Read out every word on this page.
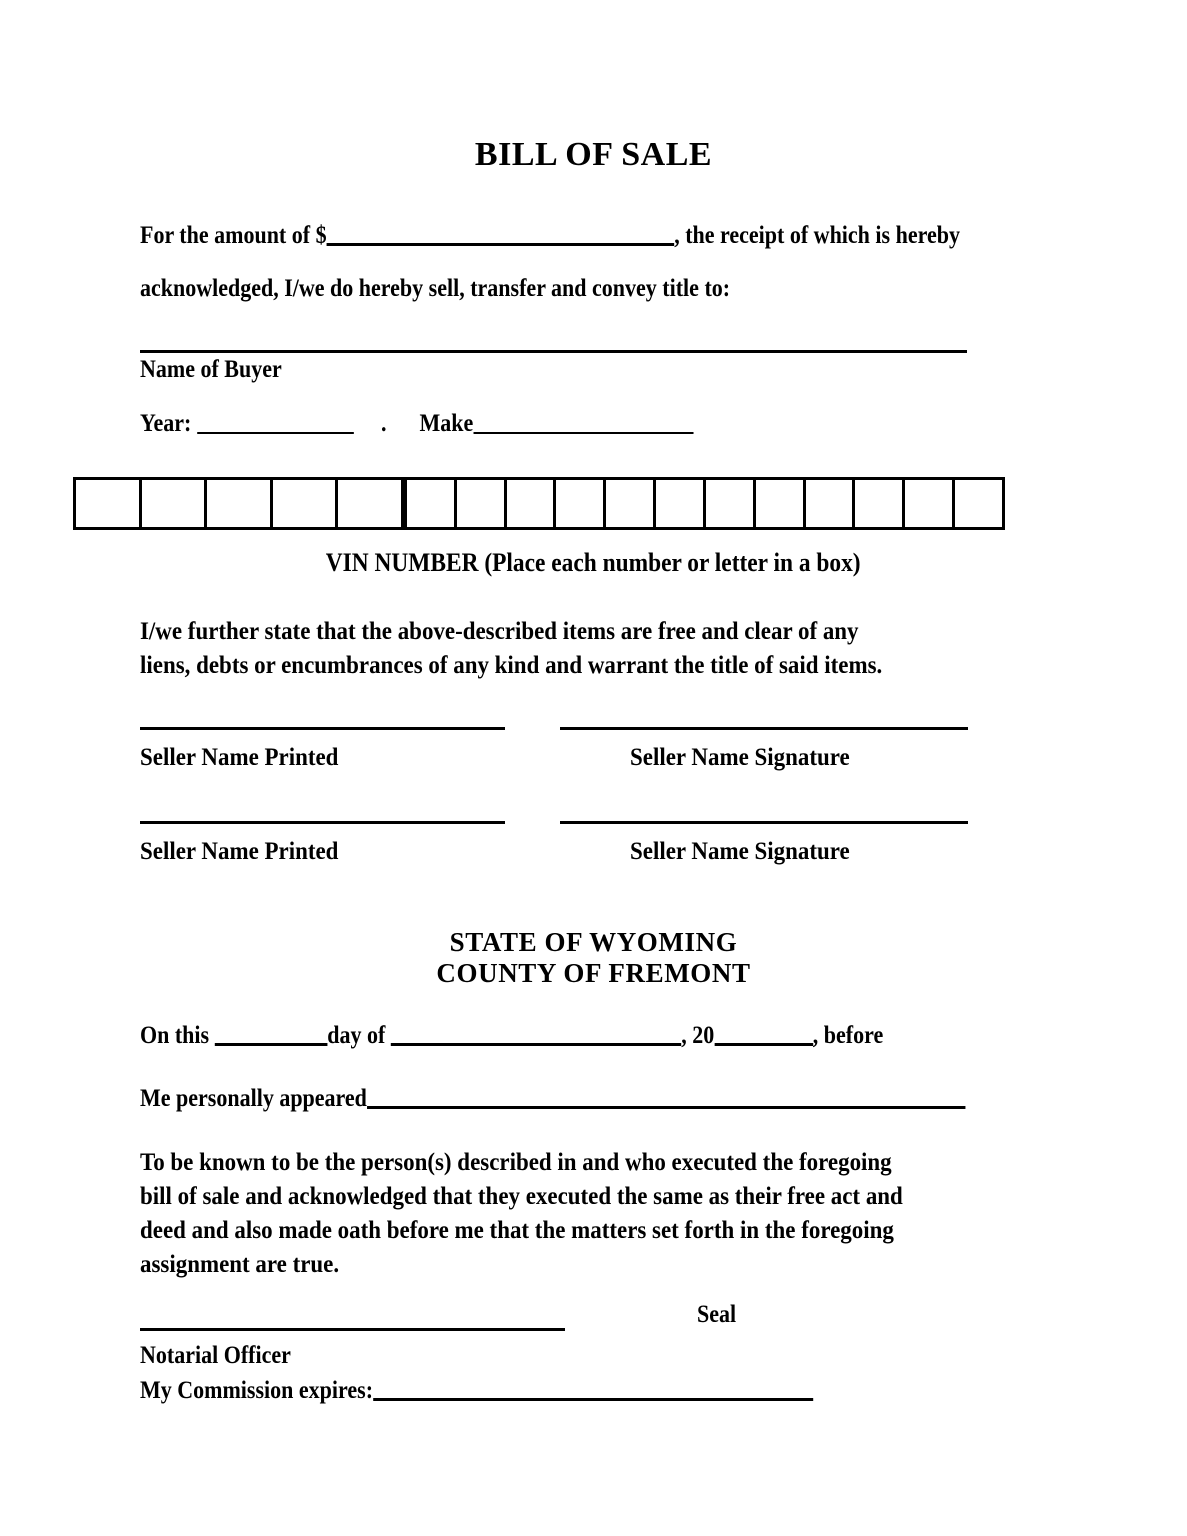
BILL OF SALE
For the amount of $	, the receipt of which is hereby
acknowledged, I/we do hereby sell, transfer and convey title to:
Name of Buyer
Year:	. Make
VIN NUMBER (Place each number or letter in a box)
I/we further state that the above-described items are free and clear of any
liens, debts or encumbrances of any kind and warrant the title of said items.
Seller Name Printed	Seller Name Signature
Seller Name Printed	Seller Name Signature
STATE OF WYOMING
COUNTY OF FREMONT
On this	day of	, 20	, before
Me personally appeared
To be known to be the person(s) described in and who executed the foregoing
bill of sale and acknowledged that they executed the same as their free act and
deed and also made oath before me that the matters set forth in the foregoing
assignment are true.
Notarial Officer
Seal
My Commission expires:
